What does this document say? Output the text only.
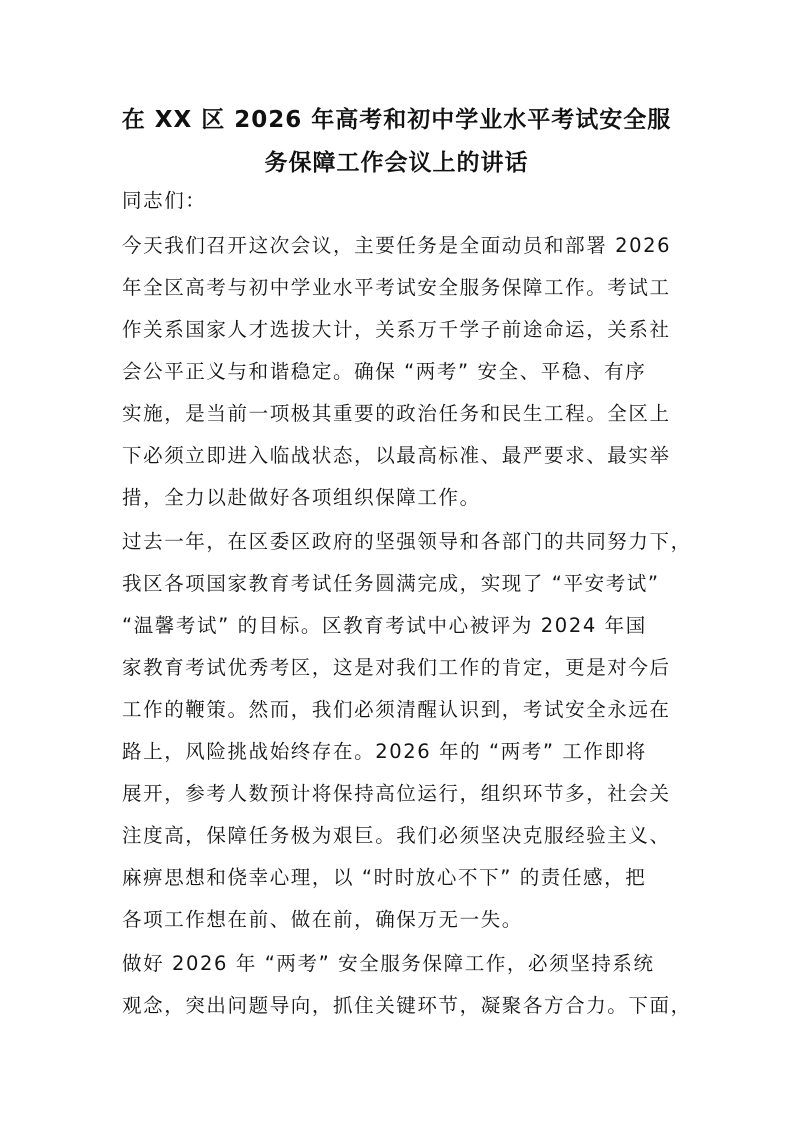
在 XX 区 2026 年高考和初中学业水平考试安全服
务保障工作会议上的讲话
同志们：
今天我们召开这次会议，主要任务是全面动员和部署 2026
年全区高考与初中学业水平考试安全服务保障工作。考试工
作关系国家人才选拔大计，关系万千学子前途命运，关系社
会公平正义与和谐稳定。确保 “两考” 安全、平稳、有序
实施，是当前一项极其重要的政治任务和民生工程。全区上
下必须立即进入临战状态，以最高标准、最严要求、最实举
措，全力以赴做好各项组织保障工作。
过去一年，在区委区政府的坚强领导和各部门的共同努力下，
我区各项国家教育考试任务圆满完成，实现了 “平安考试”
“温馨考试” 的目标。区教育考试中心被评为 2024 年国
家教育考试优秀考区，这是对我们工作的肯定，更是对今后
工作的鞭策。然而，我们必须清醒认识到，考试安全永远在
路上，风险挑战始终存在。2026 年的 “两考” 工作即将
展开，参考人数预计将保持高位运行，组织环节多，社会关
注度高，保障任务极为艰巨。我们必须坚决克服经验主义、
麻痹思想和侥幸心理，以 “时时放心不下” 的责任感，把
各项工作想在前、做在前，确保万无一失。
做好 2026 年 “两考” 安全服务保障工作，必须坚持系统
观念，突出问题导向，抓住关键环节，凝聚各方合力。下面，
